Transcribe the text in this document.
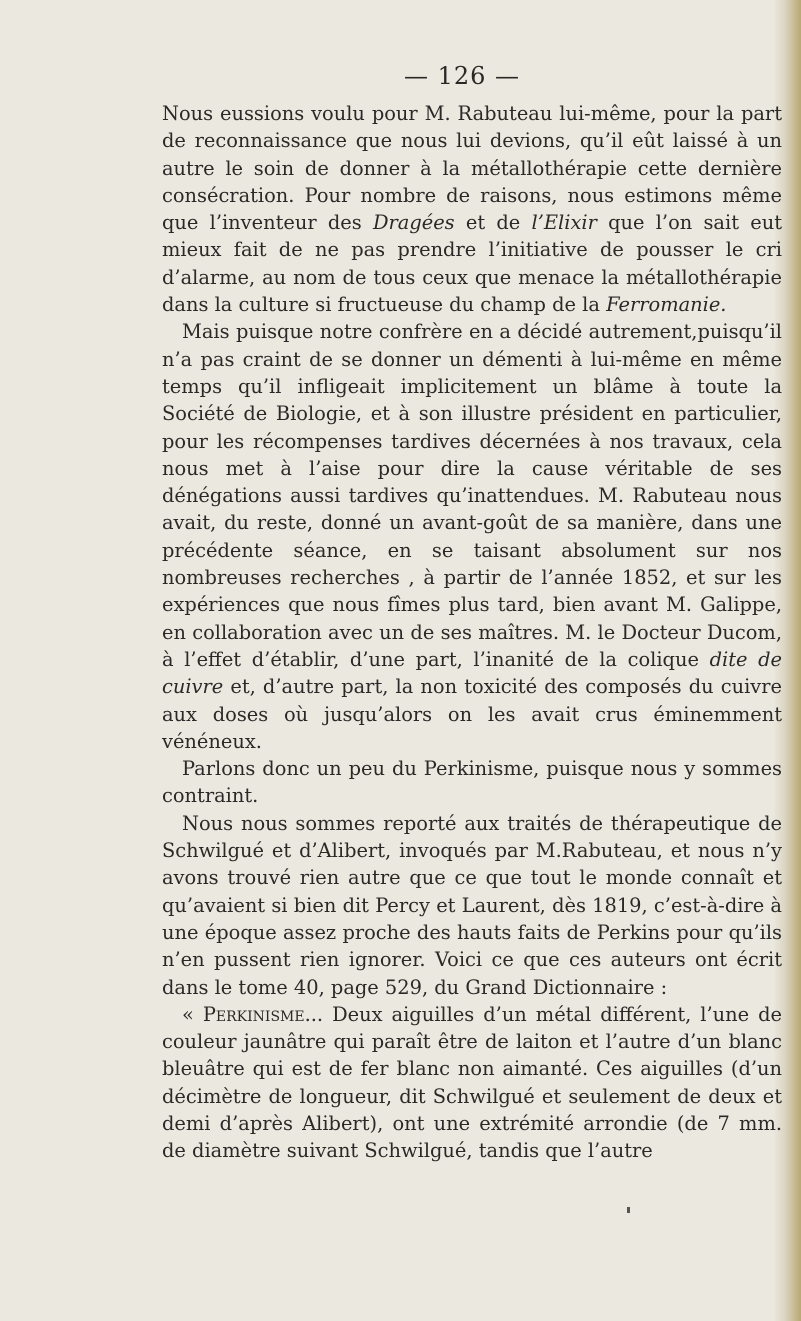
— 126 —

Nous eussions voulu pour M. Rabuteau lui-même, pour la part de reconnaissance que nous lui devions, qu’il eût laissé à un autre le soin de donner à la métallothérapie cette dernière consécration. Pour nombre de raisons, nous estimons même que l’inventeur des Dragées et de l’Elixir que l’on sait eut mieux fait de ne pas prendre l’initiative de pousser le cri d’alarme, au nom de tous ceux que menace la métallothérapie dans la culture si fructueuse du champ de la Ferromanie.

Mais puisque notre confrère en a décidé autrement,puisqu’il n’a pas craint de se donner un démenti à lui-même en même temps qu’il infligeait implicitement un blâme à toute la Société de Biologie, et à son illustre président en particulier, pour les récompenses tardives décernées à nos travaux, cela nous met à l’aise pour dire la cause véritable de ses dénégations aussi tardives qu’inattendues. M. Rabuteau nous avait, du reste, donné un avant-goût de sa manière, dans une précédente séance, en se taisant absolument sur nos nombreuses recherches , à partir de l’année 1852, et sur les expériences que nous fîmes plus tard, bien avant M. Galippe, en collaboration avec un de ses maîtres. M. le Docteur Ducom, à l’effet d’établir, d’une part, l’inanité de la colique dite de cuivre et, d’autre part, la non toxicité des composés du cuivre aux doses où jusqu’alors on les avait crus éminemment vénéneux.

Parlons donc un peu du Perkinisme, puisque nous y sommes contraint.

Nous nous sommes reporté aux traités de thérapeutique de Schwilgué et d’Alibert, invoqués par M.Rabuteau, et nous n’y avons trouvé rien autre que ce que tout le monde connaît et qu’avaient si bien dit Percy et Laurent, dès 1819, c’est-à-dire à une époque assez proche des hauts faits de Perkins pour qu’ils n’en pussent rien ignorer. Voici ce que ces auteurs ont écrit dans le tome 40, page 529, du Grand Dictionnaire :

« Perkinisme... Deux aiguilles d’un métal différent, l’une de couleur jaunâtre qui paraît être de laiton et l’autre d’un blanc bleuâtre qui est de fer blanc non aimanté. Ces aiguilles (d’un décimètre de longueur, dit Schwilgué et seulement de deux et demi d’après Alibert), ont une extrémité arrondie (de 7 mm. de diamètre suivant Schwilgué, tandis que l’autre
